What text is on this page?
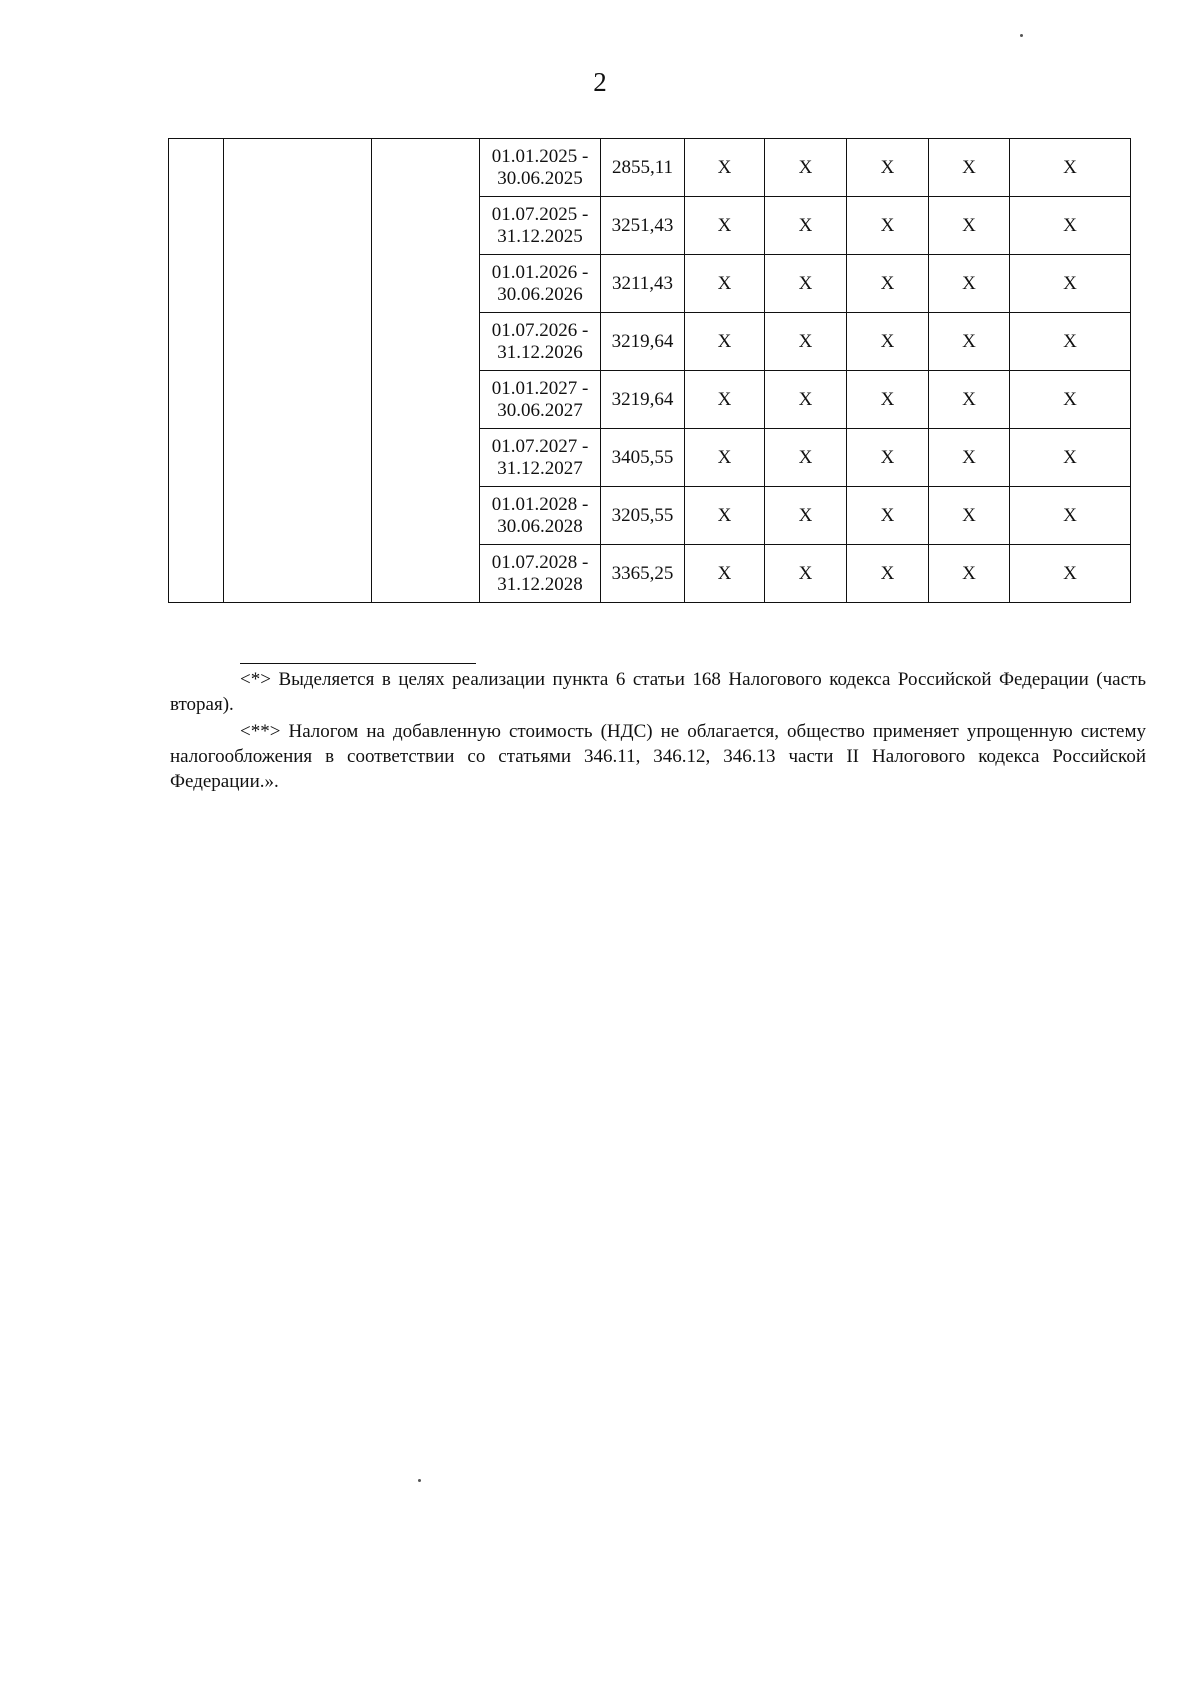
2

			01.01.2025 -
30.06.2025	2855,11	Х	Х	Х	Х	Х

			01.07.2025 -
31.12.2025	3251,43	Х	Х	Х	Х	Х

			01.01.2026 -
30.06.2026	3211,43	Х	Х	Х	Х	Х

			01.07.2026 -
31.12.2026	3219,64	Х	Х	Х	Х	Х

			01.01.2027 -
30.06.2027	3219,64	Х	Х	Х	Х	Х

			01.07.2027 -
31.12.2027	3405,55	Х	Х	Х	Х	Х

			01.01.2028 -
30.06.2028	3205,55	Х	Х	Х	Х	Х

			01.07.2028 -
31.12.2028	3365,25	Х	Х	Х	Х	Х

<*> Выделяется в целях реализации пункта 6 статьи 168 Налогового кодекса Российской Федерации (часть вторая).

<**> Налогом на добавленную стоимость (НДС) не облагается, общество применяет упрощенную систему налогообложения в соответствии со статьями 346.11, 346.12, 346.13 части II Налогового кодекса Российской Федерации.».
